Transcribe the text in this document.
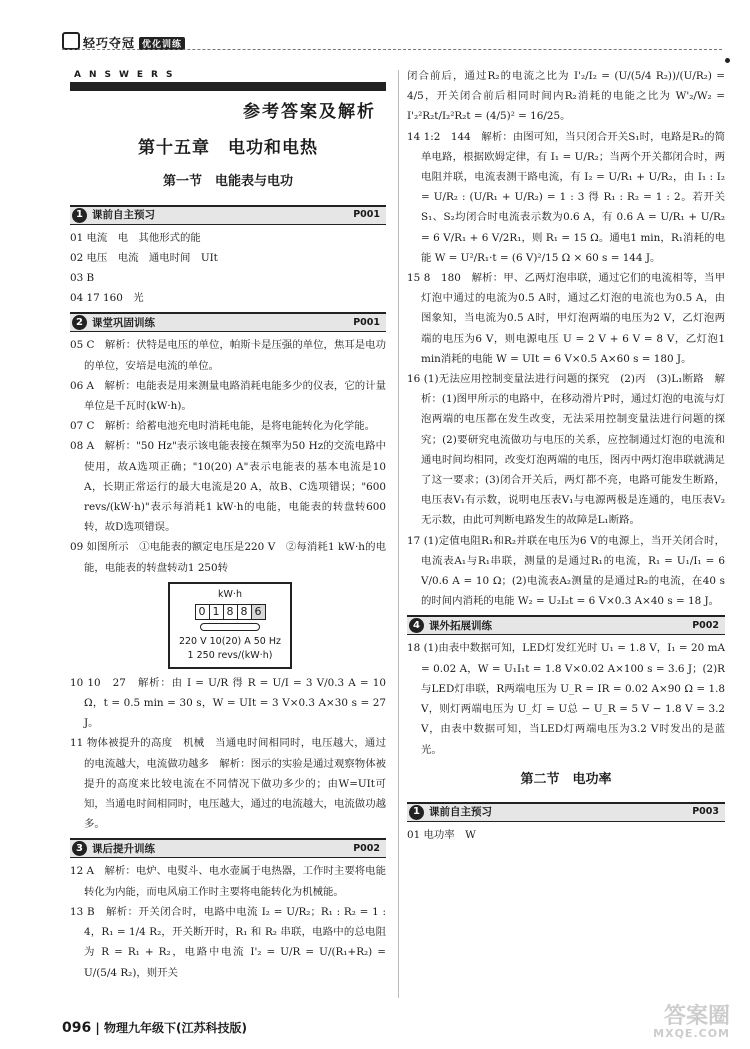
轻巧夺冠 优化训练
ANSWERS
参考答案及解析
第十五章　电功和电热
第一节　电能表与电功
1 课前自主预习	P001

01 电流　电　其他形式的能

02 电压　电流　通电时间　UIt

03 B

04 17 160　光

2 课堂巩固训练	P001

05 C　解析：伏特是电压的单位，帕斯卡是压强的单位，焦耳是电功的单位，安培是电流的单位。

06 A　解析：电能表是用来测量电路消耗电能多少的仪表，它的计量单位是千瓦时(kW·h)。

07 C　解析：给蓄电池充电时消耗电能，是将电能转化为化学能。

08 A　解析："50 Hz"表示该电能表接在频率为50 Hz的交流电路中使用，故A选项正确；"10(20) A"表示电能表的基本电流是10 A，长期正常运行的最大电流是20 A，故B、C选项错误；"600 revs/(kW·h)"表示每消耗1 kW·h的电能，电能表的转盘转600转，故D选项错误。

09 如图所示　①电能表的额定电压是220 V　②每消耗1 kW·h的电能，电能表的转盘转动1 250转

kW·h
0 1 8 8 6
220 V 10(20) A 50 Hz
1 250 revs/(kW·h)

10 10　27　解析：由 I = U/R 得 R = U/I = 3 V/0.3 A = 10 Ω，t = 0.5 min = 30 s，W = UIt = 3 V×0.3 A×30 s = 27 J。

11 物体被提升的高度　机械　当通电时间相同时，电压越大，通过的电流越大，电流做功越多　解析：图示的实验是通过观察物体被提升的高度来比较电流在不同情况下做功多少的；由W=UIt可知，当通电时间相同时，电压越大，通过的电流越大，电流做功越多。

3 课后提升训练	P002

12 A　解析：电炉、电熨斗、电水壶属于电热器，工作时主要将电能转化为内能，而电风扇工作时主要将电能转化为机械能。

13 B　解析：开关闭合时，电路中电流 I₂ = U/R₂；R₁ : R₂ = 1 : 4，R₁ = 1/4 R₂，开关断开时，R₁ 和 R₂ 串联，电路中的总电阻为 R = R₁ + R₂，电路中电流 I'₂ = U/R = U/(R₁+R₂) = U/(5/4 R₂)，则开关

闭合前后，通过R₂的电流之比为 I'₂/I₂ = (U/(5/4 R₂))/(U/R₂) = 4/5，开关闭合前后相同时间内R₂消耗的电能之比为 W'₂/W₂ = I'₂²R₂t/I₂²R₂t = (4/5)² = 16/25。

14 1:2　144　解析：由图可知，当只闭合开关S₁时，电路是R₂的简单电路，根据欧姆定律，有 I₁ = U/R₂；当两个开关都闭合时，两电阻并联，电流表测干路电流，有 I₂ = U/R₁ + U/R₂，由 I₁ : I₂ = U/R₂ : (U/R₁ + U/R₂) = 1 : 3 得 R₁ : R₂ = 1 : 2。若开关S₁、S₂均闭合时电流表示数为0.6 A，有 0.6 A = U/R₁ + U/R₂ = 6 V/R₁ + 6 V/2R₁，则 R₁ = 15 Ω。通电1 min，R₁消耗的电能 W = U²/R₁·t = (6 V)²/15 Ω × 60 s = 144 J。

15 8　180　解析：甲、乙两灯泡串联，通过它们的电流相等，当甲灯泡中通过的电流为0.5 A时，通过乙灯泡的电流也为0.5 A，由图象知，当电流为0.5 A时，甲灯泡两端的电压为2 V，乙灯泡两端的电压为6 V，则电源电压 U = 2 V + 6 V = 8 V，乙灯泡1 min消耗的电能 W = UIt = 6 V×0.5 A×60 s = 180 J。

16 (1)无法应用控制变量法进行问题的探究　(2)丙　(3)L₁断路　解析：(1)图甲所示的电路中，在移动滑片P时，通过灯泡的电流与灯泡两端的电压都在发生改变，无法采用控制变量法进行问题的探究；(2)要研究电流做功与电压的关系，应控制通过灯泡的电流和通电时间均相同，改变灯泡两端的电压，图丙中两灯泡串联就满足了这一要求；(3)闭合开关后，两灯都不亮，电路可能发生断路，电压表V₁有示数，说明电压表V₁与电源两极是连通的，电压表V₂无示数，由此可判断电路发生的故障是L₁断路。

17 (1)定值电阻R₁和R₂并联在电压为6 V的电源上，当开关闭合时，电流表A₁与R₁串联，测量的是通过R₁的电流，R₁ = U₁/I₁ = 6 V/0.6 A = 10 Ω；(2)电流表A₂测量的是通过R₂的电流，在40 s的时间内消耗的电能 W₂ = U₂I₂t = 6 V×0.3 A×40 s = 18 J。

4 课外拓展训练	P002

18 (1)由表中数据可知，LED灯发红光时 U₁ = 1.8 V，I₁ = 20 mA = 0.02 A，W = U₁I₁t = 1.8 V×0.02 A×100 s = 3.6 J；(2)R与LED灯串联，R两端电压为 U_R = IR = 0.02 A×90 Ω = 1.8 V，则灯两端电压为 U_灯 = U总 − U_R = 5 V − 1.8 V = 3.2 V，由表中数据可知，当LED灯两端电压为3.2 V时发出的是蓝光。

第二节　电功率
1 课前自主预习	P003

01 电功率　W

096 | 物理九年级下(江苏科技版)	答案圈
MXQE.COM
